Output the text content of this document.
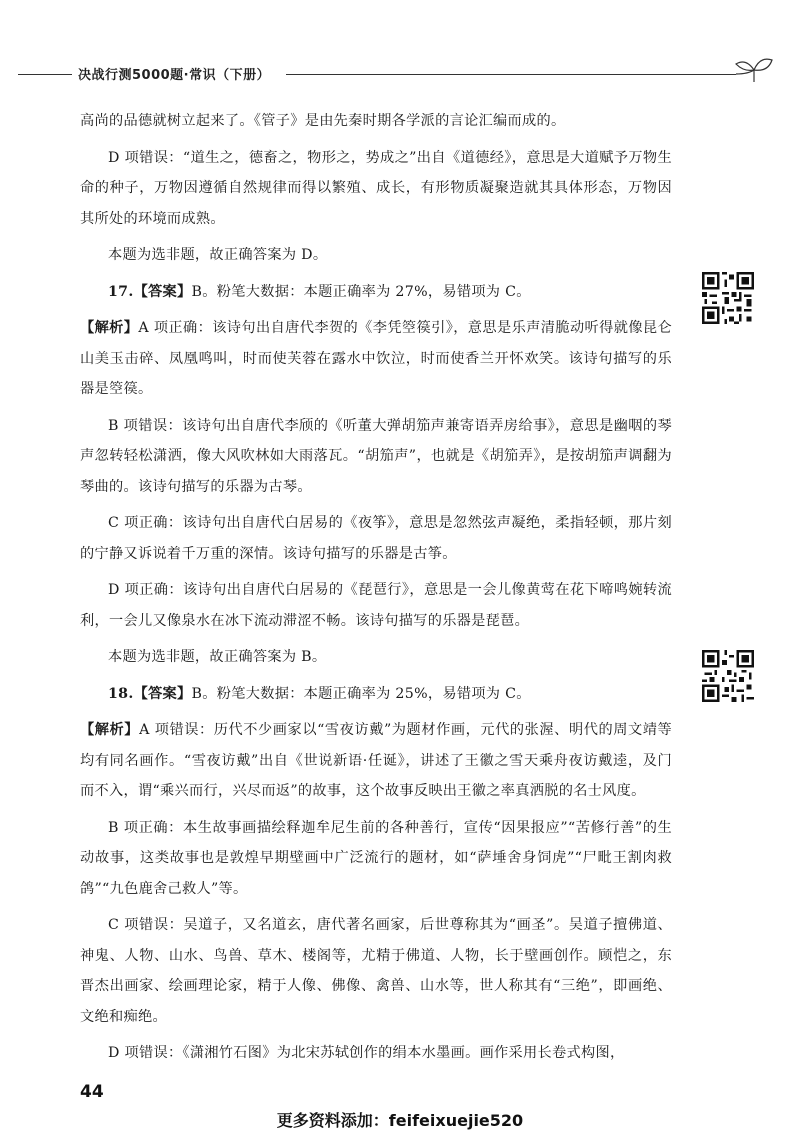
决战行测5000题·常识（下册）

高尚的品德就树立起来了。《管子》是由先秦时期各学派的言论汇编而成的。

D 项错误：“道生之，德畜之，物形之，势成之”出自《道德经》，意思是大道赋予万物生命的种子，万物因遵循自然规律而得以繁殖、成长，有形物质凝聚造就其具体形态，万物因其所处的环境而成熟。

本题为选非题，故正确答案为 D。

17.【答案】B。粉笔大数据：本题正确率为 27%，易错项为 C。

【解析】A 项正确：该诗句出自唐代李贺的《李凭箜篌引》，意思是乐声清脆动听得就像昆仑山美玉击碎、凤凰鸣叫，时而使芙蓉在露水中饮泣，时而使香兰开怀欢笑。该诗句描写的乐器是箜篌。

B 项错误：该诗句出自唐代李颀的《听董大弹胡笳声兼寄语弄房给事》，意思是幽咽的琴声忽转轻松潇洒，像大风吹林如大雨落瓦。“胡笳声”，也就是《胡笳弄》，是按胡笳声调翻为琴曲的。该诗句描写的乐器为古琴。

C 项正确：该诗句出自唐代白居易的《夜筝》，意思是忽然弦声凝绝，柔指轻顿，那片刻的宁静又诉说着千万重的深情。该诗句描写的乐器是古筝。

D 项正确：该诗句出自唐代白居易的《琵琶行》，意思是一会儿像黄莺在花下啼鸣婉转流利，一会儿又像泉水在冰下流动滞涩不畅。该诗句描写的乐器是琵琶。

本题为选非题，故正确答案为 B。

18.【答案】B。粉笔大数据：本题正确率为 25%，易错项为 C。

【解析】A 项错误：历代不少画家以“雪夜访戴”为题材作画，元代的张渥、明代的周文靖等均有同名画作。“雪夜访戴”出自《世说新语·任诞》，讲述了王徽之雪天乘舟夜访戴逵，及门而不入，谓“乘兴而行，兴尽而返”的故事，这个故事反映出王徽之率真洒脱的名士风度。

B 项正确：本生故事画描绘释迦牟尼生前的各种善行，宣传“因果报应”“苦修行善”的生动故事，这类故事也是敦煌早期壁画中广泛流行的题材，如“萨埵舍身饲虎”“尸毗王割肉救鸽”“九色鹿舍己救人”等。

C 项错误：吴道子，又名道玄，唐代著名画家，后世尊称其为“画圣”。吴道子擅佛道、神鬼、人物、山水、鸟兽、草木、楼阁等，尤精于佛道、人物，长于壁画创作。顾恺之，东晋杰出画家、绘画理论家，精于人像、佛像、禽兽、山水等，世人称其有“三绝”，即画绝、文绝和痴绝。

D 项错误：《潇湘竹石图》为北宋苏轼创作的绢本水墨画。画作采用长卷式构图，

44
更多资料添加：feifeixuejie520
